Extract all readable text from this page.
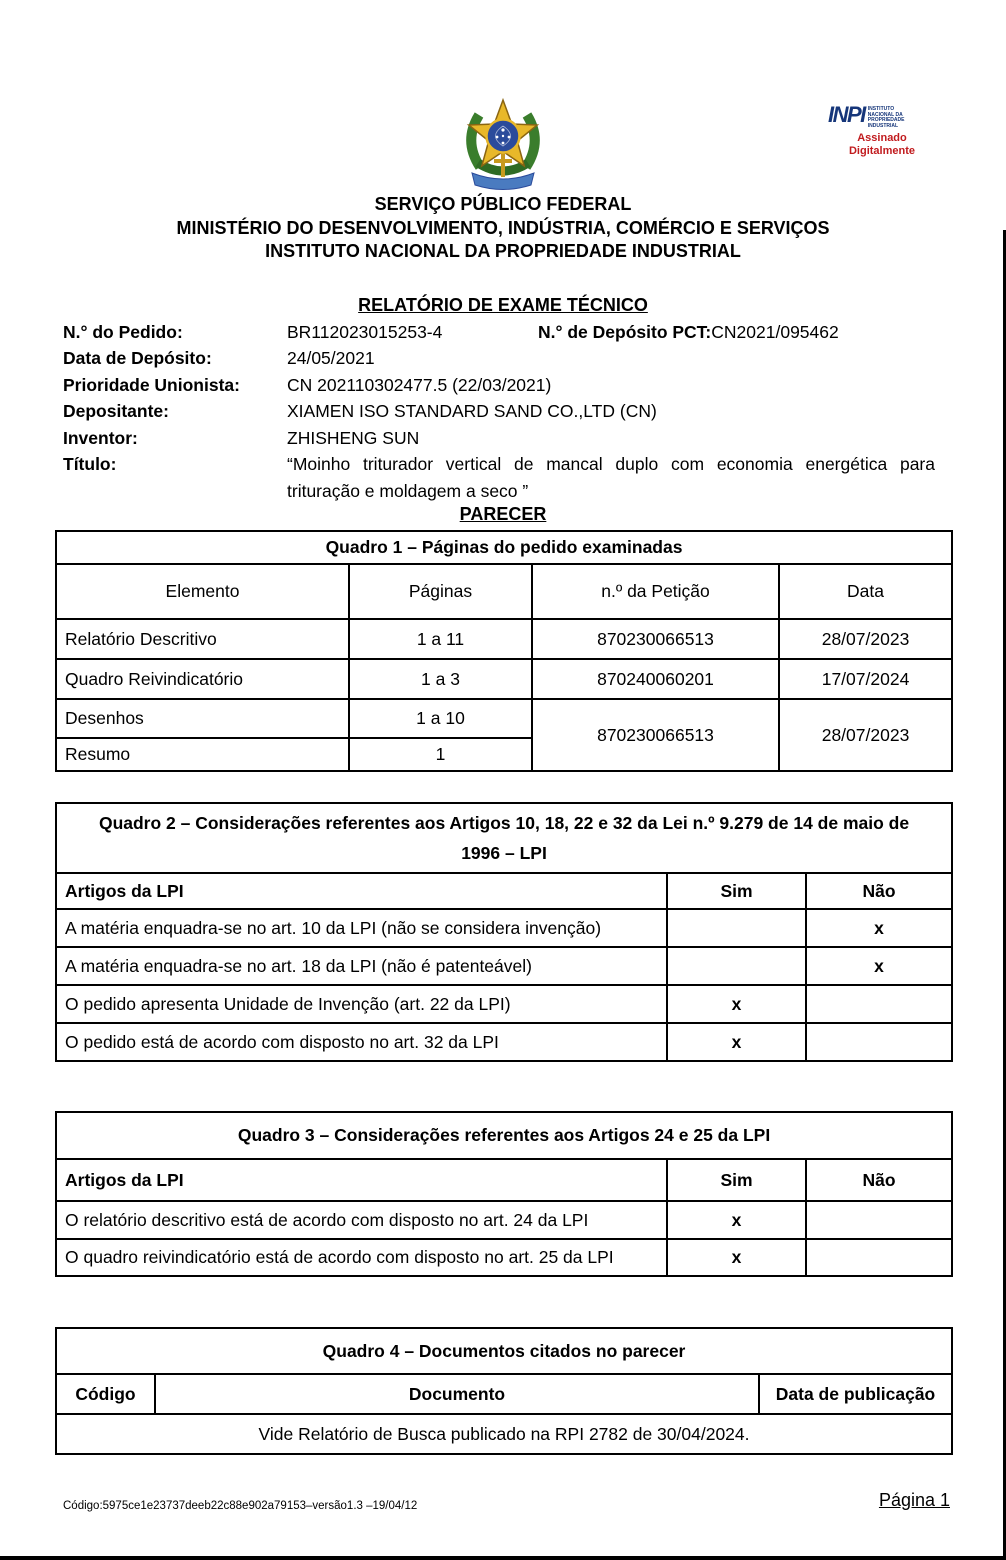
INPI INSTITUTO NACIONAL DA PROPRIEDADE INDUSTRIAL
Assinado Digitalmente
SERVIÇO PÚBLICO FEDERAL
MINISTÉRIO DO DESENVOLVIMENTO, INDÚSTRIA, COMÉRCIO E SERVIÇOS
INSTITUTO NACIONAL DA PROPRIEDADE INDUSTRIAL
RELATÓRIO DE EXAME TÉCNICO
N.° do Pedido:	BR112023015253-4	N.° de Depósito PCT: CN2021/095462
Data de Depósito:	24/05/2021
Prioridade Unionista:	CN 202110302477.5 (22/03/2021)
Depositante:	XIAMEN ISO STANDARD SAND CO.,LTD (CN)
Inventor:	ZHISHENG SUN
Título:	“Moinho triturador vertical de mancal duplo com economia energética para trituração e moldagem a seco ”
PARECER
Quadro 1 – Páginas do pedido examinadas			
Elemento	Páginas	n.º da Petição	Data
Relatório Descritivo	1 a 11	870230066513	28/07/2023
Quadro Reivindicatório	1 a 3	870240060201	17/07/2024
Desenhos	1 a 10	870230066513	28/07/2023
Resumo	1		
Quadro 2 – Considerações referentes aos Artigos 10, 18, 22 e 32 da Lei n.º 9.279 de 14 de maio de 1996 – LPI		
Artigos da LPI	Sim	Não
A matéria enquadra-se no art. 10 da LPI (não se considera invenção)		x
A matéria enquadra-se no art. 18 da LPI (não é patenteável)		x
O pedido apresenta Unidade de Invenção (art. 22 da LPI)	x	
O pedido está de acordo com disposto no art. 32 da LPI	x	
Quadro 3 – Considerações referentes aos Artigos 24 e 25 da LPI		
Artigos da LPI	Sim	Não
O relatório descritivo está de acordo com disposto no art. 24 da LPI	x	
O quadro reivindicatório está de acordo com disposto no art. 25 da LPI	x	
Quadro 4 – Documentos citados no parecer
Código	Documento	Data de publicação
Vide Relatório de Busca publicado na RPI 2782 de 30/04/2024.
Código:5975ce1e23737deeb22c88e902a79153–versão1.3 –19/04/12	Página 1
